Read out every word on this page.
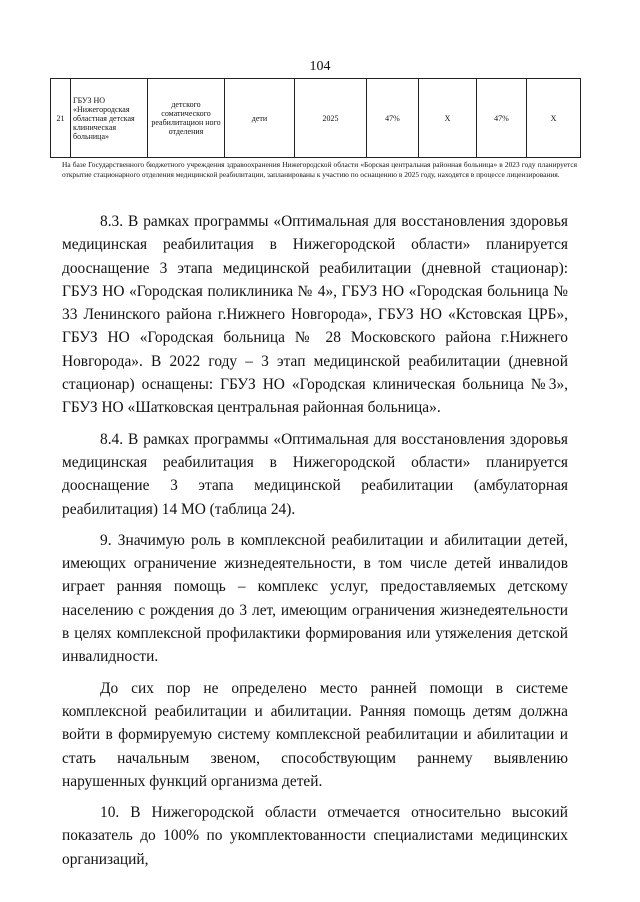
104
21	ГБУЗ НО «Нижегородская областная детская клиническая больница»	детского соматического реабилитацион ного отделения	дети	2025	47%	X	47%	X
На базе Государственного бюджетного учреждения здравоохранения Нижегородской области «Борская центральная районная больница» в 2023 году планируется открытие стационарного отделения медицинской реабилитации, запланированы к участию по оснащению в 2025 году, находятся в процессе лицензирования.

8.3. В рамках программы «Оптимальная для восстановления здоровья медицинская реабилитация в Нижегородской области» планируется дооснащение 3 этапа медицинской реабилитации (дневной стационар): ГБУЗ НО «Городская поликлиника № 4», ГБУЗ НО «Городская больница № 33 Ленинского района г.Нижнего Новгорода», ГБУЗ НО «Кстовская ЦРБ», ГБУЗ НО «Городская больница № 28 Московского района г.Нижнего Новгорода». В 2022 году – 3 этап медицинской реабилитации (дневной стационар) оснащены: ГБУЗ НО «Городская клиническая больница №3», ГБУЗ НО «Шатковская центральная районная больница».

8.4. В рамках программы «Оптимальная для восстановления здоровья медицинская реабилитация в Нижегородской области» планируется дооснащение 3 этапа медицинской реабилитации (амбулаторная реабилитация) 14 МО (таблица 24).

9. Значимую роль в комплексной реабилитации и абилитации детей, имеющих ограничение жизнедеятельности, в том числе детей инвалидов играет ранняя помощь – комплекс услуг, предоставляемых детскому населению с рождения до 3 лет, имеющим ограничения жизнедеятельности в целях комплексной профилактики формирования или утяжеления детской инвалидности.

До сих пор не определено место ранней помощи в системе комплексной реабилитации и абилитации. Ранняя помощь детям должна войти в формируемую систему комплексной реабилитации и абилитации и стать начальным звеном, способствующим раннему выявлению нарушенных функций организма детей.

10. В Нижегородской области отмечается относительно высокий показатель до 100% по укомплектованности специалистами медицинских организаций,
